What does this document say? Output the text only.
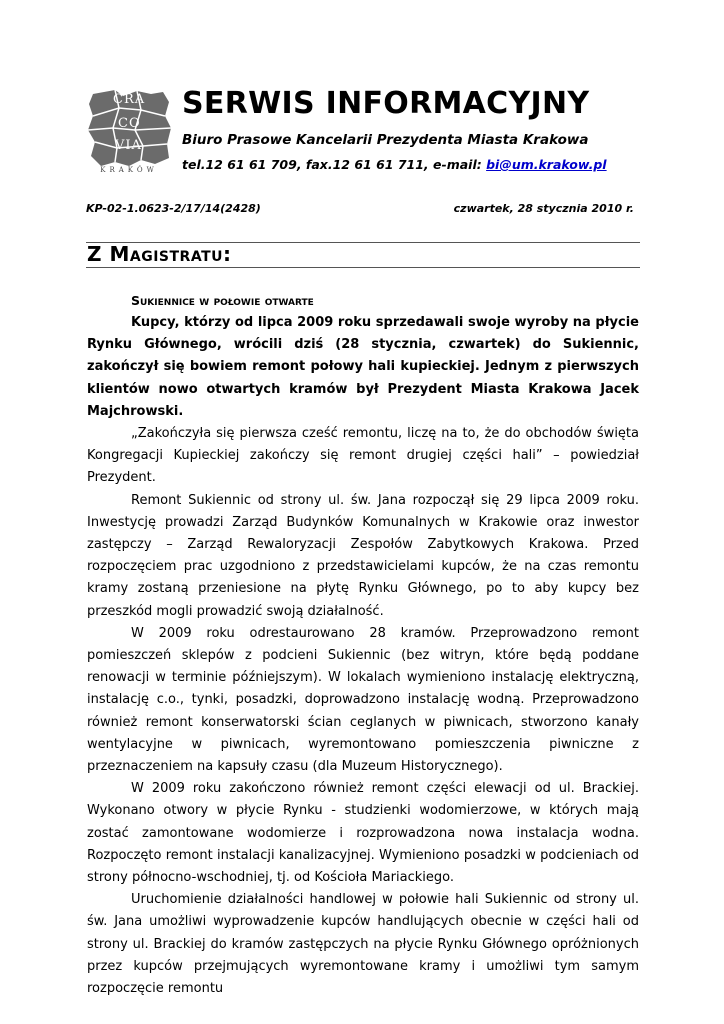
CRA
CO
VIA
KRAKÓW
SERWIS INFORMACYJNY
Biuro Prasowe Kancelarii Prezydenta Miasta Krakowa
tel.12 61 61 709, fax.12 61 61 711, e-mail: bi@um.krakow.pl
KP-02-1.0623-2/17/14(2428)	czwartek, 28 stycznia 2010 r.
Z Magistratu:
Sukiennice w połowie otwarte

Kupcy, którzy od lipca 2009 roku sprzedawali swoje wyroby na płycie Rynku Głównego, wrócili dziś (28 stycznia, czwartek) do Sukiennic, zakończył się bowiem remont połowy hali kupieckiej. Jednym z pierwszych klientów nowo otwartych kramów był Prezydent Miasta Krakowa Jacek Majchrowski.

„Zakończyła się pierwsza cześć remontu, liczę na to, że do obchodów święta Kongregacji Kupieckiej zakończy się remont drugiej części hali” – powiedział Prezydent.

Remont Sukiennic od strony ul. św. Jana rozpoczął się 29 lipca 2009 roku. Inwestycję prowadzi Zarząd Budynków Komunalnych w Krakowie oraz inwestor zastępczy – Zarząd Rewaloryzacji Zespołów Zabytkowych Krakowa. Przed rozpoczęciem prac uzgodniono z przedstawicielami kupców, że na czas remontu kramy zostaną przeniesione na płytę Rynku Głównego, po to aby kupcy bez przeszkód mogli prowadzić swoją działalność.

W 2009 roku odrestaurowano 28 kramów. Przeprowadzono remont pomieszczeń sklepów z podcieni Sukiennic (bez witryn, które będą poddane renowacji w terminie późniejszym). W lokalach wymieniono instalację elektryczną, instalację c.o., tynki, posadzki, doprowadzono instalację wodną. Przeprowadzono również remont konserwatorski ścian ceglanych w piwnicach, stworzono kanały wentylacyjne w piwnicach, wyremontowano pomieszczenia piwniczne z przeznaczeniem na kapsuły czasu (dla Muzeum Historycznego).

W 2009 roku zakończono również remont części elewacji od ul. Brackiej. Wykonano otwory w płycie Rynku - studzienki wodomierzowe, w których mają zostać zamontowane wodomierze i rozprowadzona nowa instalacja wodna. Rozpoczęto remont instalacji kanalizacyjnej. Wymieniono posadzki w podcieniach od strony północno-wschodniej, tj. od Kościoła Mariackiego.

Uruchomienie działalności handlowej w połowie hali Sukiennic od strony ul. św. Jana umożliwi wyprowadzenie kupców handlujących obecnie w części hali od strony ul. Brackiej do kramów zastępczych na płycie Rynku Głównego opróżnionych przez kupców przejmujących wyremontowane kramy i umożliwi tym samym rozpoczęcie remontu
